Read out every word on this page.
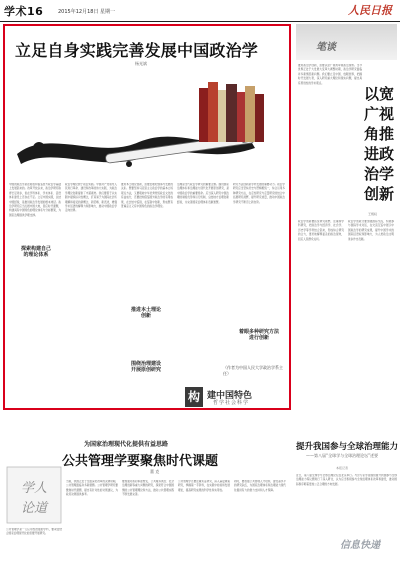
学术16	2015年12月18日 星期一	人民日报
立足自身实践完善发展中国政治学
杨光斌
中国的政治学是在吸收和借鉴西方政治学基础上发展起来的。改革开放以来，政治学研究取得长足进步，但在学科体系、学术体系、话语体系建设上还存在不足。立足中国实践，总结中国经验，是推进政治学发展的根本途径。政治学研究应当扎根中国大地，回应时代课题，构建具有中国特色的理论体系与分析框架，为国家治理提供学理支撑。
政治学理论源于政治实践。中国共产党领导人民进行革命、建设和改革的伟大实践，为政治学理论创新提供了丰富素材。我们要善于从实践中提炼标识性概念，打造易于为国际社会所理解和接受的新概念、新范畴、新表述，增强学术话语的解释力和影响力，推动中国政治学走向世界。
推进本土理论创新，需要处理好继承与发展的关系。既要坚持马克思主义政治学的基本立场观点方法，又要吸收中华优秀传统政治文化的有益成分，还要批判借鉴国外政治学的有用成果，在比较中鉴别，在鉴别中创新，形成既有普遍意义又有中国特色的政治学理论。
治理是当代政治学研究的重要主题。围绕国家治理体系和治理能力现代化开展原创研究，是中国政治学的重要使命。应当深入研究中国治理的制度优势和运行机制，总结地方治理创新经验，为完善国家治理体系贡献智慧。
研究方法创新是学科发展的重要动力。政治学研究应当坚持历史与逻辑相统一，综合运用多种研究方法，在定性研究与定量研究的结合中拓展研究视野，提升研究质量，推动中国政治学研究不断迈上新台阶。
探索构建自己的理论体系
推进本土理论创新
围绕治理建设开展原创研究
着眼多种研究方法进行创新
（作者为中国人民大学政治学系主任）
构 建中国特色
哲学社会科学
笔谈
推进政治学创新，需要以宽广视角审视政治现象。当今世界正处于大发展大变革大调整时期，政治学研究面临许多新情况新问题。我们要立足中国、放眼世界，把握时代发展大势，深入研究重大理论和现实问题，提出具有原创性的学术观点。
以宽广视角推进政治学创新
王炳权
政治学创新要拓宽研究视野，注重跨学科研究，把政治学与经济学、社会学、历史学等学科结合起来，形成综合研究的合力，更好地解释复杂的政治现象，回应人民群众关切。
政治学创新还要加强国际交流，积极参与国际学术对话，在交流互鉴中展示中国政治学的研究成果，提升中国学术的国际话语权和影响力，为人类政治文明进步作出贡献。
为国家治理现代化提供有益思路
公共管理学要聚焦时代课题
董 克
学人
论道
公共管理学是一门应用性很强的学科，要紧密结合国家治理现代化的需要开展研究。
当前，我国正处于全面深化改革的关键时期，公共管理面临许多新课题。公共管理学研究要聚焦时代课题，提出有针对性的对策建议，为政府决策提供参考。
要加强对政府职能转变、公共服务供给、社会治理创新等重大问题的研究，探索符合中国国情的公共管理理论和方法，推动公共管理实践不断发展完善。
公共管理学还要注重实证研究，深入基层调查研究，掌握第一手资料，在实践中检验和发展理论，提高研究成果的科学性和实用性。
同时，要加强公共管理人才培养，建设高水平的研究队伍，为国家治理体系和治理能力现代化提供有力的智力支持和人才保障。
提升我国参与全球治理能力
——第八届“全球学与全球治理论坛”述要
本报记者
近日，第八届全球学与全球治理论坛在北京举行。与会专家学者围绕提升我国参与全球治理能力等议题进行了深入研讨，认为应当积极参与全球治理体系改革和建设，推动国际秩序朝着更加公正合理的方向发展。
信息快递
